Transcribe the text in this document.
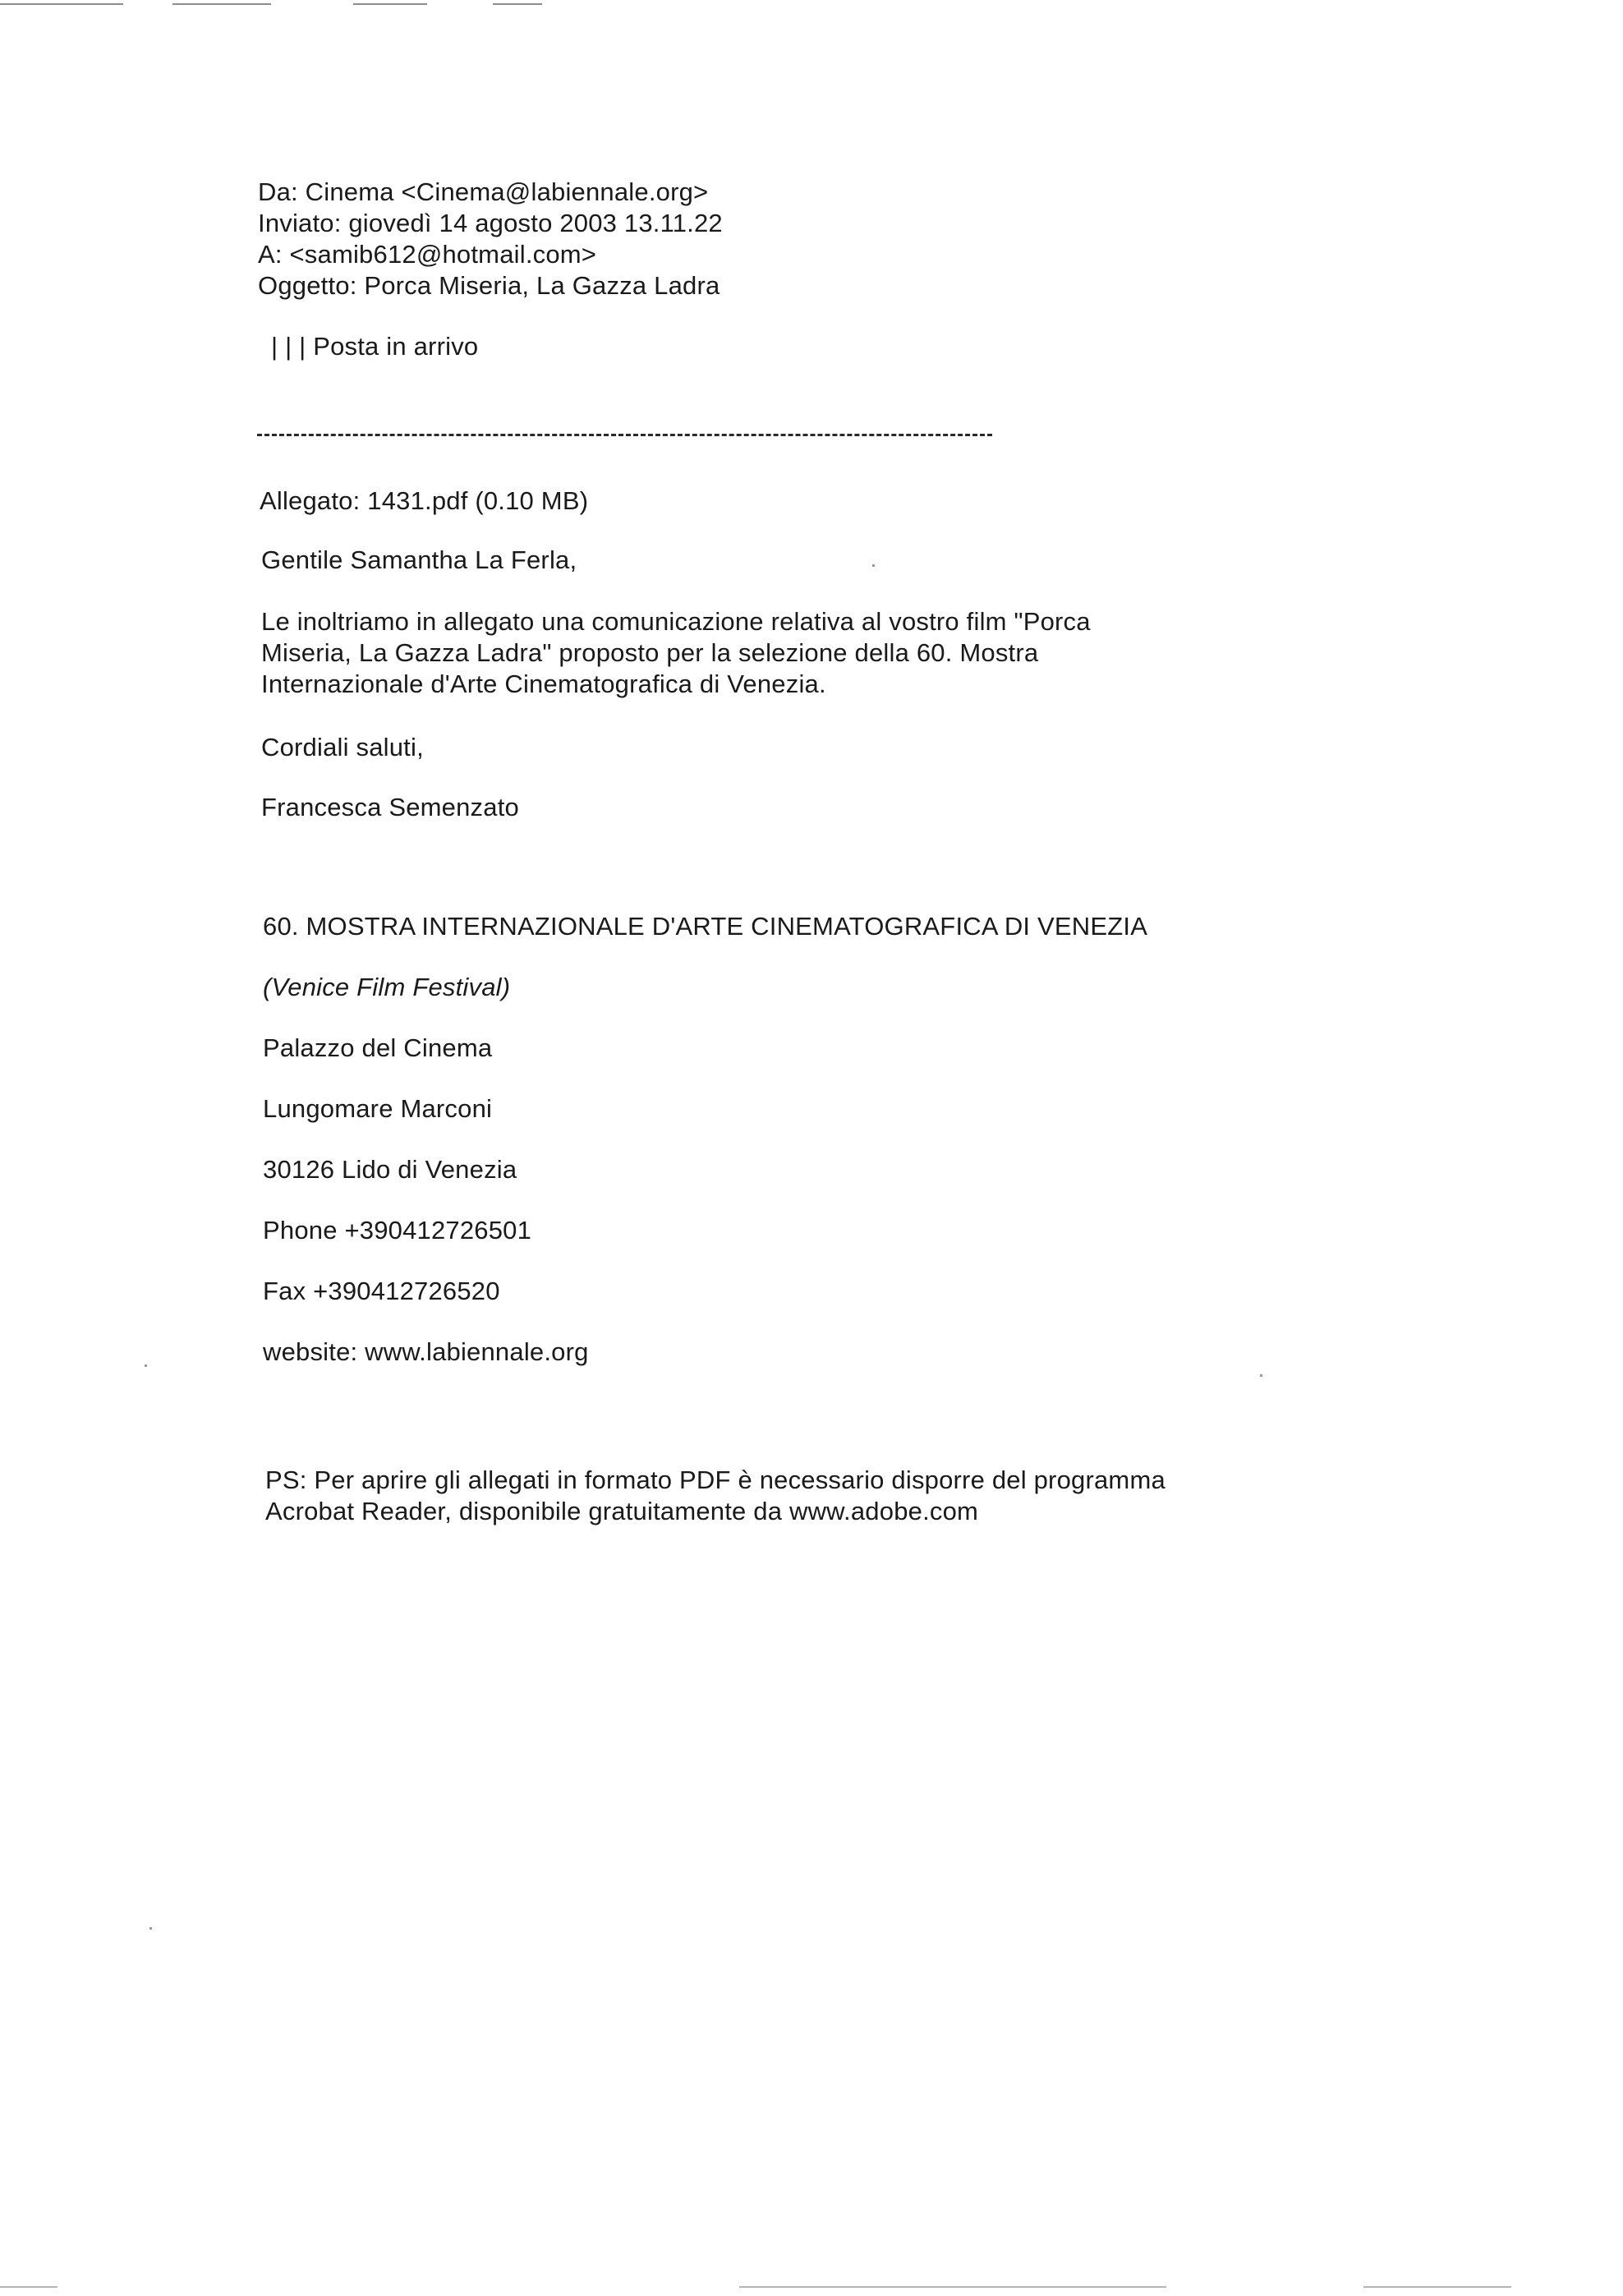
Da: Cinema <Cinema@labiennale.org>
Inviato: giovedì 14 agosto 2003 13.11.22
A: <samib612@hotmail.com>
Oggetto: Porca Miseria, La Gazza Ladra
| | | Posta in arrivo
Allegato: 1431.pdf (0.10 MB)
Gentile Samantha La Ferla,
Le inoltriamo in allegato una comunicazione relativa al vostro film "Porca
Miseria, La Gazza Ladra" proposto per la selezione della 60. Mostra
Internazionale d'Arte Cinematografica di Venezia.
Cordiali saluti,
Francesca Semenzato
60. MOSTRA INTERNAZIONALE D'ARTE CINEMATOGRAFICA DI VENEZIA
(Venice Film Festival)
Palazzo del Cinema
Lungomare Marconi
30126 Lido di Venezia
Phone +390412726501
Fax +390412726520
website: www.labiennale.org
PS: Per aprire gli allegati in formato PDF è necessario disporre del programma
Acrobat Reader, disponibile gratuitamente da www.adobe.com
